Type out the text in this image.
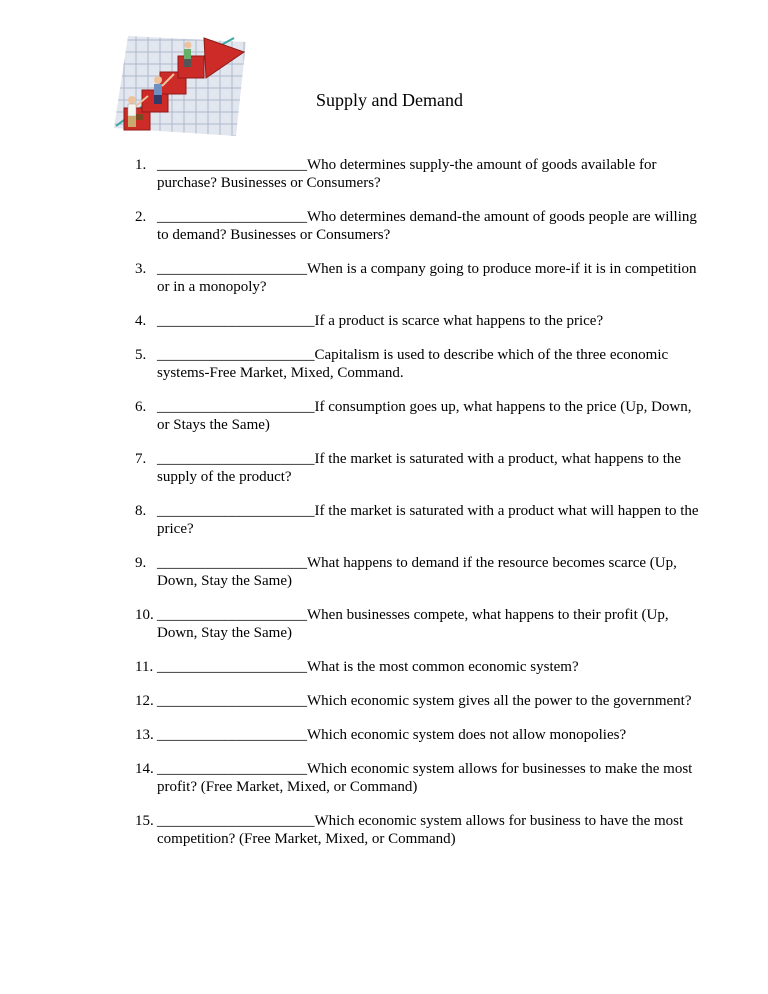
Supply and Demand
1. ____________________Who determines supply-the amount of goods available for purchase? Businesses or Consumers?
2. ____________________Who determines demand-the amount of goods people are willing to demand? Businesses or Consumers?
3. ____________________When is a company going to produce more-if it is in competition or in a monopoly?
4. _____________________If a product is scarce what happens to the price?
5. _____________________Capitalism is used to describe which of the three economic systems-Free Market, Mixed, Command.
6. _____________________If consumption goes up, what happens to the price (Up, Down, or Stays the Same)
7. _____________________If the market is saturated with a product, what happens to the supply of the product?
8. _____________________If the market is saturated with a product what will happen to the price?
9. ____________________What happens to demand if the resource becomes scarce (Up, Down, Stay the Same)
10. ____________________When businesses compete, what happens to their profit (Up, Down, Stay the Same)
11. ____________________What is the most common economic system?
12. ____________________Which economic system gives all the power to the government?
13. ____________________Which economic system does not allow monopolies?
14. ____________________Which economic system allows for businesses to make the most profit? (Free Market, Mixed, or Command)
15. _____________________Which economic system allows for business to have the most competition? (Free Market, Mixed, or Command)
